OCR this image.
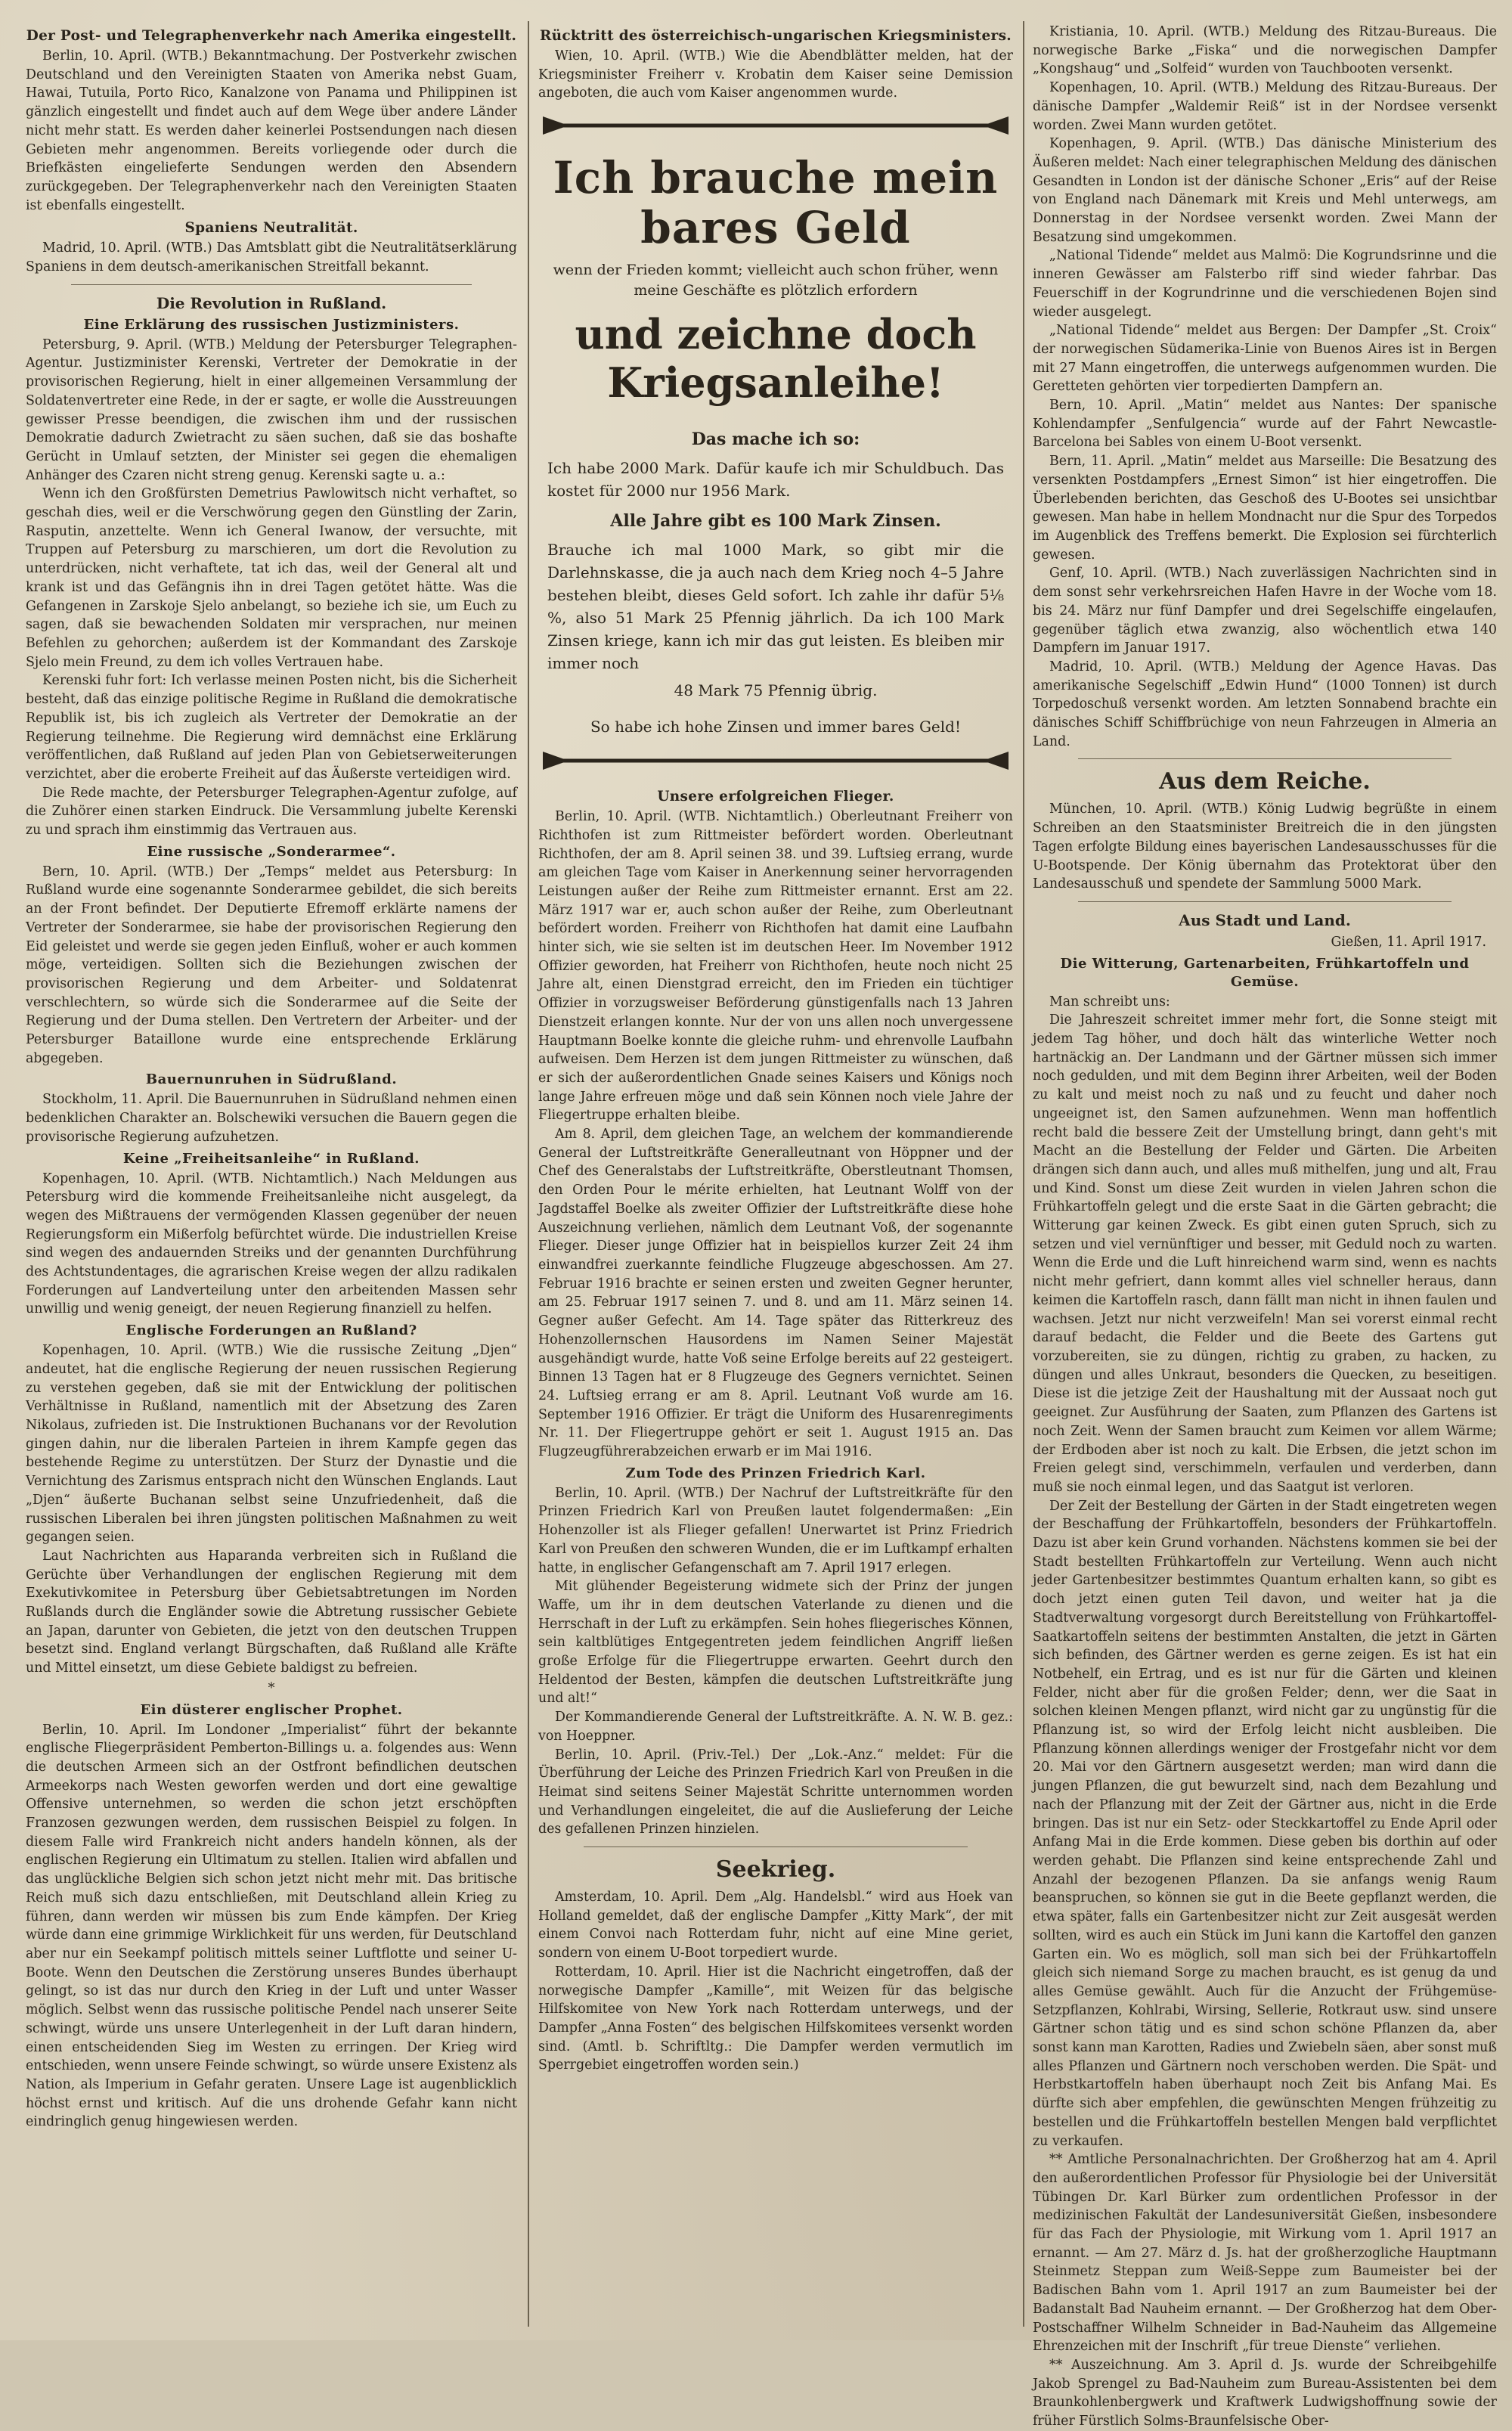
Der Post- und Telegraphenverkehr nach Amerika eingestellt.

Berlin, 10. April. (WTB.) Bekanntmachung. Der Postverkehr zwischen Deutschland und den Vereinigten Staaten von Amerika nebst Guam, Hawai, Tutuila, Porto Rico, Kanalzone von Panama und Philippinen ist gänzlich eingestellt und findet auch auf dem Wege über andere Länder nicht mehr statt. Es werden daher keinerlei Postsendungen nach diesen Gebieten mehr angenommen. Bereits vorliegende oder durch die Briefkästen eingelieferte Sendungen werden den Absendern zurückgegeben. Der Telegraphenverkehr nach den Vereinigten Staaten ist ebenfalls eingestellt.

Spaniens Neutralität.

Madrid, 10. April. (WTB.) Das Amtsblatt gibt die Neutralitätserklärung Spaniens in dem deutsch-amerikanischen Streitfall bekannt.

Die Revolution in Rußland.
Eine Erklärung des russischen Justizministers.

Petersburg, 9. April. (WTB.) Meldung der Petersburger Telegraphen-Agentur. Justizminister Kerenski, Vertreter der Demokratie in der provisorischen Regierung, hielt in einer allgemeinen Versammlung der Soldatenvertreter eine Rede, in der er sagte, er wolle die Ausstreuungen gewisser Presse beendigen, die zwischen ihm und der russischen Demokratie dadurch Zwietracht zu säen suchen, daß sie das boshafte Gerücht in Umlauf setzten, der Minister sei gegen die ehemaligen Anhänger des Czaren nicht streng genug. Kerenski sagte u. a.:

Wenn ich den Großfürsten Demetrius Pawlowitsch nicht verhaftet, so geschah dies, weil er die Verschwörung gegen den Günstling der Zarin, Rasputin, anzettelte. Wenn ich General Iwanow, der versuchte, mit Truppen auf Petersburg zu marschieren, um dort die Revolution zu unterdrücken, nicht verhaftete, tat ich das, weil der General alt und krank ist und das Gefängnis ihn in drei Tagen getötet hätte. Was die Gefangenen in Zarskoje Sjelo anbelangt, so beziehe ich sie, um Euch zu sagen, daß sie bewachenden Soldaten mir versprachen, nur meinen Befehlen zu gehorchen; außerdem ist der Kommandant des Zarskoje Sjelo mein Freund, zu dem ich volles Vertrauen habe.

Kerenski fuhr fort: Ich verlasse meinen Posten nicht, bis die Sicherheit besteht, daß das einzige politische Regime in Rußland die demokratische Republik ist, bis ich zugleich als Vertreter der Demokratie an der Regierung teilnehme. Die Regierung wird demnächst eine Erklärung veröffentlichen, daß Rußland auf jeden Plan von Gebietserweiterungen verzichtet, aber die eroberte Freiheit auf das Äußerste verteidigen wird.

Die Rede machte, der Petersburger Telegraphen-Agentur zufolge, auf die Zuhörer einen starken Eindruck. Die Versammlung jubelte Kerenski zu und sprach ihm einstimmig das Vertrauen aus.

Eine russische „Sonderarmee“.

Bern, 10. April. (WTB.) Der „Temps“ meldet aus Petersburg: In Rußland wurde eine sogenannte Sonderarmee gebildet, die sich bereits an der Front befindet. Der Deputierte Efremoff erklärte namens der Vertreter der Sonderarmee, sie habe der provisorischen Regierung den Eid geleistet und werde sie gegen jeden Einfluß, woher er auch kommen möge, verteidigen. Sollten sich die Beziehungen zwischen der provisorischen Regierung und dem Arbeiter- und Soldatenrat verschlechtern, so würde sich die Sonderarmee auf die Seite der Regierung und der Duma stellen. Den Vertretern der Arbeiter- und der Petersburger Bataillone wurde eine entsprechende Erklärung abgegeben.

Bauernunruhen in Südrußland.

Stockholm, 11. April. Die Bauernunruhen in Südrußland nehmen einen bedenklichen Charakter an. Bolschewiki versuchen die Bauern gegen die provisorische Regierung aufzuhetzen.

Keine „Freiheitsanleihe“ in Rußland.

Kopenhagen, 10. April. (WTB. Nichtamtlich.) Nach Meldungen aus Petersburg wird die kommende Freiheitsanleihe nicht ausgelegt, da wegen des Mißtrauens der vermögenden Klassen gegenüber der neuen Regierungsform ein Mißerfolg befürchtet würde. Die industriellen Kreise sind wegen des andauernden Streiks und der genannten Durchführung des Achtstundentages, die agrarischen Kreise wegen der allzu radikalen Forderungen auf Landverteilung unter den arbeitenden Massen sehr unwillig und wenig geneigt, der neuen Regierung finanziell zu helfen.

Englische Forderungen an Rußland?

Kopenhagen, 10. April. (WTB.) Wie die russische Zeitung „Djen“ andeutet, hat die englische Regierung der neuen russischen Regierung zu verstehen gegeben, daß sie mit der Entwicklung der politischen Verhältnisse in Rußland, namentlich mit der Absetzung des Zaren Nikolaus, zufrieden ist. Die Instruktionen Buchanans vor der Revolution gingen dahin, nur die liberalen Parteien in ihrem Kampfe gegen das bestehende Regime zu unterstützen. Der Sturz der Dynastie und die Vernichtung des Zarismus entsprach nicht den Wünschen Englands. Laut „Djen“ äußerte Buchanan selbst seine Unzufriedenheit, daß die russischen Liberalen bei ihren jüngsten politischen Maßnahmen zu weit gegangen seien.

Laut Nachrichten aus Haparanda verbreiten sich in Rußland die Gerüchte über Verhandlungen der englischen Regierung mit dem Exekutivkomitee in Petersburg über Gebietsabtretungen im Norden Rußlands durch die Engländer sowie die Abtretung russischer Gebiete an Japan, darunter von Gebieten, die jetzt von den deutschen Truppen besetzt sind. England verlangt Bürgschaften, daß Rußland alle Kräfte und Mittel einsetzt, um diese Gebiete baldigst zu befreien.

*
Ein düsterer englischer Prophet.

Berlin, 10. April. Im Londoner „Imperialist“ führt der bekannte englische Fliegerpräsident Pemberton-Billings u. a. folgendes aus: Wenn die deutschen Armeen sich an der Ostfront befindlichen deutschen Armeekorps nach Westen geworfen werden und dort eine gewaltige Offensive unternehmen, so werden die schon jetzt erschöpften Franzosen gezwungen werden, dem russischen Beispiel zu folgen. In diesem Falle wird Frankreich nicht anders handeln können, als der englischen Regierung ein Ultimatum zu stellen. Italien wird abfallen und das unglückliche Belgien sich schon jetzt nicht mehr mit. Das britische Reich muß sich dazu entschließen, mit Deutschland allein Krieg zu führen, dann werden wir müssen bis zum Ende kämpfen. Der Krieg würde dann eine grimmige Wirklichkeit für uns werden, für Deutschland aber nur ein Seekampf politisch mittels seiner Luftflotte und seiner U-Boote. Wenn den Deutschen die Zerstörung unseres Bundes überhaupt gelingt, so ist das nur durch den Krieg in der Luft und unter Wasser möglich. Selbst wenn das russische politische Pendel nach unserer Seite schwingt, würde uns unsere Unterlegenheit in der Luft daran hindern, einen entscheidenden Sieg im Westen zu erringen. Der Krieg wird entschieden, wenn unsere Feinde schwingt, so würde unsere Existenz als Nation, als Imperium in Gefahr geraten. Unsere Lage ist augenblicklich höchst ernst und kritisch. Auf die uns drohende Gefahr kann nicht eindringlich genug hingewiesen werden.

Rücktritt des österreichisch-ungarischen Kriegsministers.

Wien, 10. April. (WTB.) Wie die Abendblätter melden, hat der Kriegsminister Freiherr v. Krobatin dem Kaiser seine Demission angeboten, die auch vom Kaiser angenommen wurde.

Ich brauche mein bares Geld
wenn der Frieden kommt; vielleicht auch schon früher, wenn meine Geschäfte es plötzlich erfordern
und zeichne doch Kriegsanleihe!
Das mache ich so:

Ich habe 2000 Mark. Dafür kaufe ich mir Schuldbuch. Das kostet für 2000 nur 1956 Mark.

Alle Jahre gibt es 100 Mark Zinsen.

Brauche ich mal 1000 Mark, so gibt mir die Darlehnskasse, die ja auch nach dem Krieg noch 4–5 Jahre bestehen bleibt, dieses Geld sofort. Ich zahle ihr dafür 5⅛ %, also 51 Mark 25 Pfennig jährlich. Da ich 100 Mark Zinsen kriege, kann ich mir das gut leisten. Es bleiben mir immer noch

48 Mark 75 Pfennig übrig.
So habe ich hohe Zinsen und immer bares Geld!
Unsere erfolgreichen Flieger.

Berlin, 10. April. (WTB. Nichtamtlich.) Oberleutnant Freiherr von Richthofen ist zum Rittmeister befördert worden. Oberleutnant Richthofen, der am 8. April seinen 38. und 39. Luftsieg errang, wurde am gleichen Tage vom Kaiser in Anerkennung seiner hervorragenden Leistungen außer der Reihe zum Rittmeister ernannt. Erst am 22. März 1917 war er, auch schon außer der Reihe, zum Oberleutnant befördert worden. Freiherr von Richthofen hat damit eine Laufbahn hinter sich, wie sie selten ist im deutschen Heer. Im November 1912 Offizier geworden, hat Freiherr von Richthofen, heute noch nicht 25 Jahre alt, einen Dienstgrad erreicht, den im Frieden ein tüchtiger Offizier in vorzugsweiser Beförderung günstigenfalls nach 13 Jahren Dienstzeit erlangen konnte. Nur der von uns allen noch unvergessene Hauptmann Boelke konnte die gleiche ruhm- und ehrenvolle Laufbahn aufweisen. Dem Herzen ist dem jungen Rittmeister zu wünschen, daß er sich der außerordentlichen Gnade seines Kaisers und Königs noch lange Jahre erfreuen möge und daß sein Können noch viele Jahre der Fliegertruppe erhalten bleibe.

Am 8. April, dem gleichen Tage, an welchem der kommandierende General der Luftstreitkräfte Generalleutnant von Höppner und der Chef des Generalstabs der Luftstreitkräfte, Oberstleutnant Thomsen, den Orden Pour le mérite erhielten, hat Leutnant Wolff von der Jagdstaffel Boelke als zweiter Offizier der Luftstreitkräfte diese hohe Auszeichnung verliehen, nämlich dem Leutnant Voß, der sogenannte Flieger. Dieser junge Offizier hat in beispiellos kurzer Zeit 24 ihm einwandfrei zuerkannte feindliche Flugzeuge abgeschossen. Am 27. Februar 1916 brachte er seinen ersten und zweiten Gegner herunter, am 25. Februar 1917 seinen 7. und 8. und am 11. März seinen 14. Gegner außer Gefecht. Am 14. Tage später das Ritterkreuz des Hohenzollernschen Hausordens im Namen Seiner Majestät ausgehändigt wurde, hatte Voß seine Erfolge bereits auf 22 gesteigert. Binnen 13 Tagen hat er 8 Flugzeuge des Gegners vernichtet. Seinen 24. Luftsieg errang er am 8. April. Leutnant Voß wurde am 16. September 1916 Offizier. Er trägt die Uniform des Husarenregiments Nr. 11. Der Fliegertruppe gehört er seit 1. August 1915 an. Das Flugzeugführerabzeichen erwarb er im Mai 1916.

Zum Tode des Prinzen Friedrich Karl.

Berlin, 10. April. (WTB.) Der Nachruf der Luftstreitkräfte für den Prinzen Friedrich Karl von Preußen lautet folgendermaßen: „Ein Hohenzoller ist als Flieger gefallen! Unerwartet ist Prinz Friedrich Karl von Preußen den schweren Wunden, die er im Luftkampf erhalten hatte, in englischer Gefangenschaft am 7. April 1917 erlegen.

Mit glühender Begeisterung widmete sich der Prinz der jungen Waffe, um ihr in dem deutschen Vaterlande zu dienen und die Herrschaft in der Luft zu erkämpfen. Sein hohes fliegerisches Können, sein kaltblütiges Entgegentreten jedem feindlichen Angriff ließen große Erfolge für die Fliegertruppe erwarten. Geehrt durch den Heldentod der Besten, kämpfen die deutschen Luftstreitkräfte jung und alt!“

Der Kommandierende General der Luftstreitkräfte. A. N. W. B. gez.: von Hoeppner.

Berlin, 10. April. (Priv.-Tel.) Der „Lok.-Anz.“ meldet: Für die Überführung der Leiche des Prinzen Friedrich Karl von Preußen in die Heimat sind seitens Seiner Majestät Schritte unternommen worden und Verhandlungen eingeleitet, die auf die Auslieferung der Leiche des gefallenen Prinzen hinzielen.

Seekrieg.

Amsterdam, 10. April. Dem „Alg. Handelsbl.“ wird aus Hoek van Holland gemeldet, daß der englische Dampfer „Kitty Mark“, der mit einem Convoi nach Rotterdam fuhr, nicht auf eine Mine geriet, sondern von einem U-Boot torpediert wurde.

Rotterdam, 10. April. Hier ist die Nachricht eingetroffen, daß der norwegische Dampfer „Kamille“, mit Weizen für das belgische Hilfskomitee von New York nach Rotterdam unterwegs, und der Dampfer „Anna Fosten“ des belgischen Hilfskomitees versenkt worden sind. (Amtl. b. Schriftltg.: Die Dampfer werden vermutlich im Sperrgebiet eingetroffen worden sein.)

Kristiania, 10. April. (WTB.) Meldung des Ritzau-Bureaus. Die norwegische Barke „Fiska“ und die norwegischen Dampfer „Kongshaug“ und „Solfeid“ wurden von Tauchbooten versenkt.

Kopenhagen, 10. April. (WTB.) Meldung des Ritzau-Bureaus. Der dänische Dampfer „Waldemir Reiß“ ist in der Nordsee versenkt worden. Zwei Mann wurden getötet.

Kopenhagen, 9. April. (WTB.) Das dänische Ministerium des Äußeren meldet: Nach einer telegraphischen Meldung des dänischen Gesandten in London ist der dänische Schoner „Eris“ auf der Reise von England nach Dänemark mit Kreis und Mehl unterwegs, am Donnerstag in der Nordsee versenkt worden. Zwei Mann der Besatzung sind umgekommen.

„National Tidende“ meldet aus Malmö: Die Kogrundsrinne und die inneren Gewässer am Falsterbo riff sind wieder fahrbar. Das Feuerschiff in der Kogrundrinne und die verschiedenen Bojen sind wieder ausgelegt.

„National Tidende“ meldet aus Bergen: Der Dampfer „St. Croix“ der norwegischen Südamerika-Linie von Buenos Aires ist in Bergen mit 27 Mann eingetroffen, die unterwegs aufgenommen wurden. Die Geretteten gehörten vier torpedierten Dampfern an.

Bern, 10. April. „Matin“ meldet aus Nantes: Der spanische Kohlendampfer „Senfulgencia“ wurde auf der Fahrt Newcastle-Barcelona bei Sables von einem U-Boot versenkt.

Bern, 11. April. „Matin“ meldet aus Marseille: Die Besatzung des versenkten Postdampfers „Ernest Simon“ ist hier eingetroffen. Die Überlebenden berichten, das Geschoß des U-Bootes sei unsichtbar gewesen. Man habe in hellem Mondnacht nur die Spur des Torpedos im Augenblick des Treffens bemerkt. Die Explosion sei fürchterlich gewesen.

Genf, 10. April. (WTB.) Nach zuverlässigen Nachrichten sind in dem sonst sehr verkehrsreichen Hafen Havre in der Woche vom 18. bis 24. März nur fünf Dampfer und drei Segelschiffe eingelaufen, gegenüber täglich etwa zwanzig, also wöchentlich etwa 140 Dampfern im Januar 1917.

Madrid, 10. April. (WTB.) Meldung der Agence Havas. Das amerikanische Segelschiff „Edwin Hund“ (1000 Tonnen) ist durch Torpedoschuß versenkt worden. Am letzten Sonnabend brachte ein dänisches Schiff Schiffbrüchige von neun Fahrzeugen in Almeria an Land.

Aus dem Reiche.

München, 10. April. (WTB.) König Ludwig begrüßte in einem Schreiben an den Staatsminister Breitreich die in den jüngsten Tagen erfolgte Bildung eines bayerischen Landesausschusses für die U-Bootspende. Der König übernahm das Protektorat über den Landesausschuß und spendete der Sammlung 5000 Mark.

Aus Stadt und Land.
Gießen, 11. April 1917.
Die Witterung, Gartenarbeiten, Frühkartoffeln und Gemüse.

Man schreibt uns:

Die Jahreszeit schreitet immer mehr fort, die Sonne steigt mit jedem Tag höher, und doch hält das winterliche Wetter noch hartnäckig an. Der Landmann und der Gärtner müssen sich immer noch gedulden, und mit dem Beginn ihrer Arbeiten, weil der Boden zu kalt und meist noch zu naß und zu feucht und daher noch ungeeignet ist, den Samen aufzunehmen. Wenn man hoffentlich recht bald die bessere Zeit der Umstellung bringt, dann geht's mit Macht an die Bestellung der Felder und Gärten. Die Arbeiten drängen sich dann auch, und alles muß mithelfen, jung und alt, Frau und Kind. Sonst um diese Zeit wurden in vielen Jahren schon die Frühkartoffeln gelegt und die erste Saat in die Gärten gebracht; die Witterung gar keinen Zweck. Es gibt einen guten Spruch, sich zu setzen und viel vernünftiger und besser, mit Geduld noch zu warten. Wenn die Erde und die Luft hinreichend warm sind, wenn es nachts nicht mehr gefriert, dann kommt alles viel schneller heraus, dann keimen die Kartoffeln rasch, dann fällt man nicht in ihnen faulen und wachsen. Jetzt nur nicht verzweifeln! Man sei vorerst einmal recht darauf bedacht, die Felder und die Beete des Gartens gut vorzubereiten, sie zu düngen, richtig zu graben, zu hacken, zu düngen und alles Unkraut, besonders die Quecken, zu beseitigen. Diese ist die jetzige Zeit der Haushaltung mit der Aussaat noch gut geeignet. Zur Ausführung der Saaten, zum Pflanzen des Gartens ist noch Zeit. Wenn der Samen braucht zum Keimen vor allem Wärme; der Erdboden aber ist noch zu kalt. Die Erbsen, die jetzt schon im Freien gelegt sind, verschimmeln, verfaulen und verderben, dann muß sie noch einmal legen, und das Saatgut ist verloren.

Der Zeit der Bestellung der Gärten in der Stadt eingetreten wegen der Beschaffung der Frühkartoffeln, besonders der Frühkartoffeln. Dazu ist aber kein Grund vorhanden. Nächstens kommen sie bei der Stadt bestellten Frühkartoffeln zur Verteilung. Wenn auch nicht jeder Gartenbesitzer bestimmtes Quantum erhalten kann, so gibt es doch jetzt einen guten Teil davon, und weiter hat ja die Stadtverwaltung vorgesorgt durch Bereitstellung von Frühkartoffel-Saatkartoffeln seitens der bestimmten Anstalten, die jetzt in Gärten sich befinden, des Gärtner werden es gerne zeigen. Es ist hat ein Notbehelf, ein Ertrag, und es ist nur für die Gärten und kleinen Felder, nicht aber für die großen Felder; denn, wer die Saat in solchen kleinen Mengen pflanzt, wird nicht gar zu ungünstig für die Pflanzung ist, so wird der Erfolg leicht nicht ausbleiben. Die Pflanzung können allerdings weniger der Frostgefahr nicht vor dem 20. Mai vor den Gärtnern ausgesetzt werden; man wird dann die jungen Pflanzen, die gut bewurzelt sind, nach dem Bezahlung und nach der Pflanzung mit der Zeit der Gärtner aus, nicht in die Erde bringen. Das ist nur ein Setz- oder Steckkartoffel zu Ende April oder Anfang Mai in die Erde kommen. Diese geben bis dorthin auf oder werden gehabt. Die Pflanzen sind keine entsprechende Zahl und Anzahl der bezogenen Pflanzen. Da sie anfangs wenig Raum beanspruchen, so können sie gut in die Beete gepflanzt werden, die etwa später, falls ein Gartenbesitzer nicht zur Zeit ausgesät werden sollten, wird es auch ein Stück im Juni kann die Kartoffel den ganzen Garten ein. Wo es möglich, soll man sich bei der Frühkartoffeln gleich sich niemand Sorge zu machen braucht, es ist genug da und alles Gemüse gewählt. Auch für die Anzucht der Frühgemüse-Setzpflanzen, Kohlrabi, Wirsing, Sellerie, Rotkraut usw. sind unsere Gärtner schon tätig und es sind schon schöne Pflanzen da, aber sonst kann man Karotten, Radies und Zwiebeln säen, aber sonst muß alles Pflanzen und Gärtnern noch verschoben werden. Die Spät- und Herbstkartoffeln haben überhaupt noch Zeit bis Anfang Mai. Es dürfte sich aber empfehlen, die gewünschten Mengen frühzeitig zu bestellen und die Frühkartoffeln bestellen Mengen bald verpflichtet zu verkaufen.

** Amtliche Personalnachrichten. Der Großherzog hat am 4. April den außerordentlichen Professor für Physiologie bei der Universität Tübingen Dr. Karl Bürker zum ordentlichen Professor in der medizinischen Fakultät der Landesuniversität Gießen, insbesondere für das Fach der Physiologie, mit Wirkung vom 1. April 1917 an ernannt. — Am 27. März d. Js. hat der großherzogliche Hauptmann Steinmetz Steppan zum Weiß-Seppe zum Baumeister bei der Badischen Bahn vom 1. April 1917 an zum Baumeister bei der Badanstalt Bad Nauheim ernannt. — Der Großherzog hat dem Ober-Postschaffner Wilhelm Schneider in Bad-Nauheim das Allgemeine Ehrenzeichen mit der Inschrift „für treue Dienste“ verliehen.

** Auszeichnung. Am 3. April d. Js. wurde der Schreibgehilfe Jakob Sprengel zu Bad-Nauheim zum Bureau-Assistenten bei dem Braunkohlenbergwerk und Kraftwerk Ludwigshoffnung sowie der früher Fürstlich Solms-Braunfelsische Ober-
